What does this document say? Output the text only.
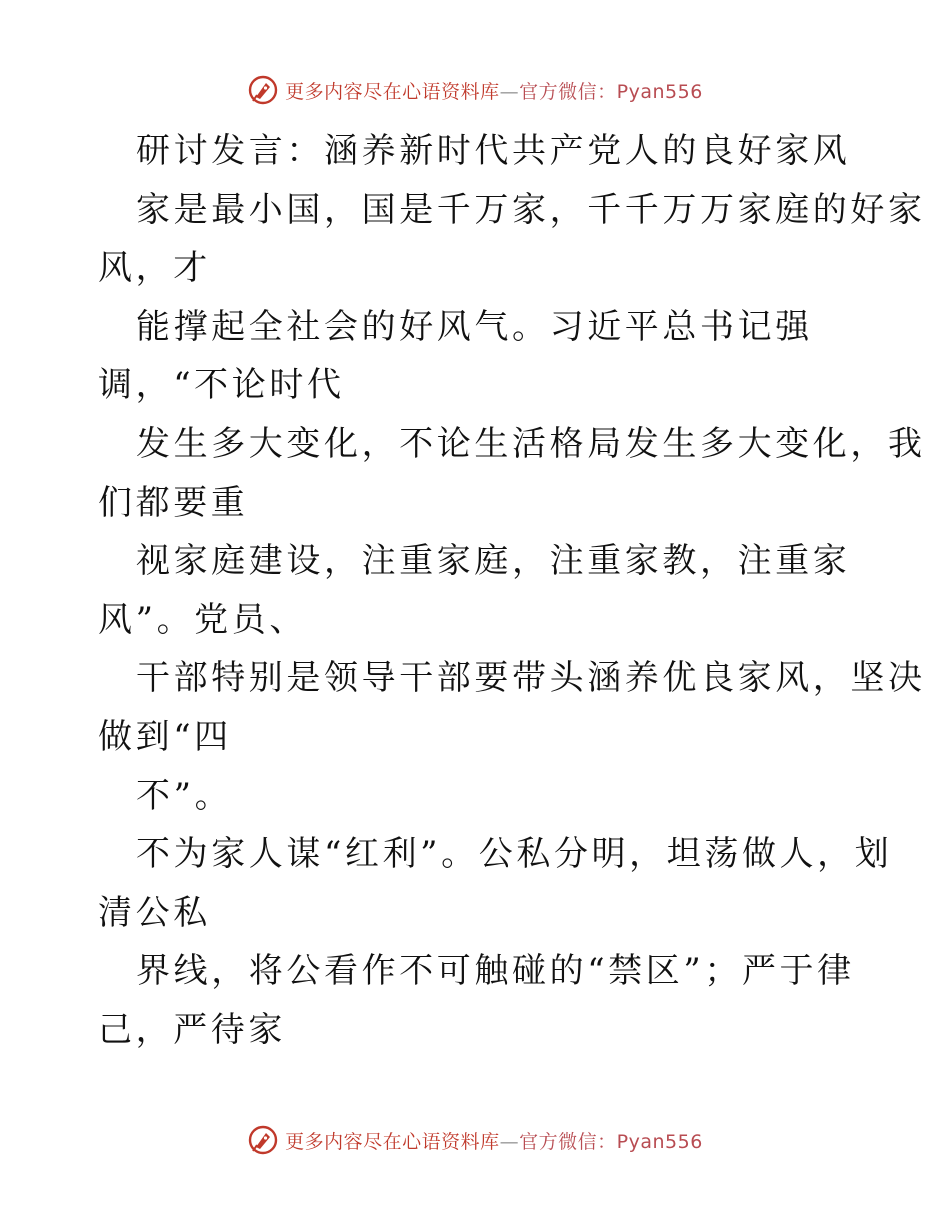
更多内容尽在心语资料库—官方微信：Pyan556
研讨发言：涵养新时代共产党人的良好家风
家是最小国，国是千万家，千千万万家庭的好家
风，才
能撑起全社会的好风气。习近平总书记强
调，“不论时代
发生多大变化，不论生活格局发生多大变化，我
们都要重
视家庭建设，注重家庭，注重家教，注重家
风”。党员、
干部特别是领导干部要带头涵养优良家风，坚决
做到“四
不”。
不为家人谋“红利”。公私分明，坦荡做人，划
清公私
界线，将公看作不可触碰的“禁区”；严于律
己，严待家
更多内容尽在心语资料库—官方微信：Pyan556
